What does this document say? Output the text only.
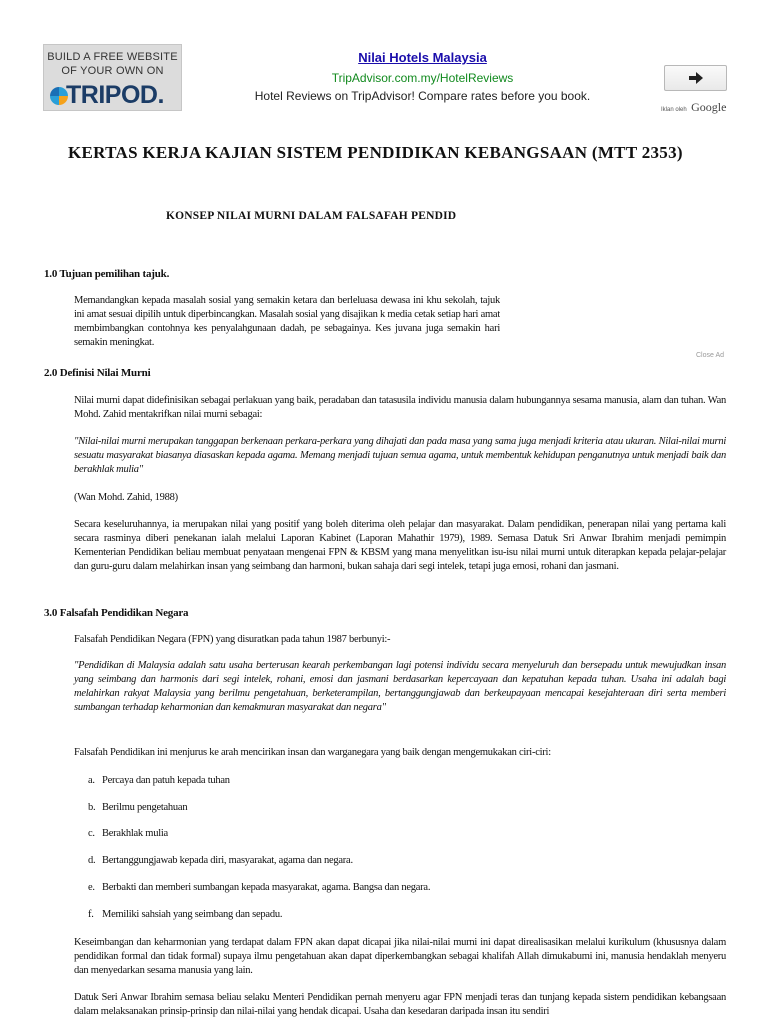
BUILD A FREE WEBSITE
OF YOUR OWN ON
TRIPOD.
Nilai Hotels Malaysia
TripAdvisor.com.my/HotelReviews
Hotel Reviews on TripAdvisor! Compare rates before you book.
Iklan oleh Google
KERTAS KERJA KAJIAN SISTEM PENDIDIKAN KEBANGSAAN (MTT 2353)
KONSEP NILAI MURNI DALAM FALSAFAH PENDID
1.0 Tujuan pemilihan tajuk.

Memandangkan kepada masalah sosial yang semakin ketara dan berleluasa dewasa ini khu sekolah, tajuk ini amat sesuai dipilih untuk diperbincangkan. Masalah sosial yang disajikan k media cetak setiap hari amat membimbangkan contohnya kes penyalahgunaan dadah, pe sebagainya. Kes juvana juga semakin hari semakin meningkat.

Close Ad
2.0 Definisi Nilai Murni

Nilai murni dapat didefinisikan sebagai perlakuan yang baik, peradaban dan tatasusila individu manusia dalam hubungannya sesama manusia, alam dan tuhan. Wan Mohd. Zahid mentakrifkan nilai murni sebagai:

"Nilai-nilai murni merupakan tanggapan berkenaan perkara-perkara yang dihajati dan pada masa yang sama juga menjadi kriteria atau ukuran. Nilai-nilai murni sesuatu masyarakat biasanya diasaskan kepada agama. Memang menjadi tujuan semua agama, untuk membentuk kehidupan penganutnya untuk menjadi baik dan berakhlak mulia"

(Wan Mohd. Zahid, 1988)

Secara keseluruhannya, ia merupakan nilai yang positif yang boleh diterima oleh pelajar dan masyarakat. Dalam pendidikan, penerapan nilai yang pertama kali secara rasminya diberi penekanan ialah melalui Laporan Kabinet (Laporan Mahathir 1979), 1989. Semasa Datuk Sri Anwar Ibrahim menjadi pemimpin Kementerian Pendidikan beliau membuat penyataan mengenai FPN & KBSM yang mana menyelitkan isu-isu nilai murni untuk diterapkan kepada pelajar-pelajar dan guru-guru dalam melahirkan insan yang seimbang dan harmoni, bukan sahaja dari segi intelek, tetapi juga emosi, rohani dan jasmani.

3.0 Falsafah Pendidikan Negara

Falsafah Pendidikan Negara (FPN) yang disuratkan pada tahun 1987 berbunyi:-

"Pendidikan di Malaysia adalah satu usaha berterusan kearah perkembangan lagi potensi individu secara menyeluruh dan bersepadu untuk mewujudkan insan yang seimbang dan harmonis dari segi intelek, rohani, emosi dan jasmani berdasarkan kepercayaan dan kepatuhan kepada tuhan. Usaha ini adalah bagi melahirkan rakyat Malaysia yang berilmu pengetahuan, berketerampilan, bertanggungjawab dan berkeupayaan mencapai kesejahteraan diri serta memberi sumbangan terhadap keharmonian dan kemakmuran masyarakat dan negara"

Falsafah Pendidikan ini menjurus ke arah mencirikan insan dan warganegara yang baik dengan mengemukakan ciri-ciri:

a. Percaya dan patuh kepada tuhan
b. Berilmu pengetahuan
c. Berakhlak mulia
d. Bertanggungjawab kepada diri, masyarakat, agama dan negara.
e. Berbakti dan memberi sumbangan kepada masyarakat, agama. Bangsa dan negara.
f. Memiliki sahsiah yang seimbang dan sepadu.

Keseimbangan dan keharmonian yang terdapat dalam FPN akan dapat dicapai jika nilai-nilai murni ini dapat direalisasikan melalui kurikulum (khususnya dalam pendidikan formal dan tidak formal) supaya ilmu pengetahuan akan dapat diperkembangkan sebagai khalifah Allah dimukabumi ini, manusia hendaklah menyeru dan menyedarkan sesama manusia yang lain.

Datuk Seri Anwar Ibrahim semasa beliau selaku Menteri Pendidikan pernah menyeru agar FPN menjadi teras dan tunjang kepada sistem pendidikan kebangsaan dalam melaksanakan prinsip-prinsip dan nilai-nilai yang hendak dicapai. Usaha dan kesedaran daripada insan itu sendiri
